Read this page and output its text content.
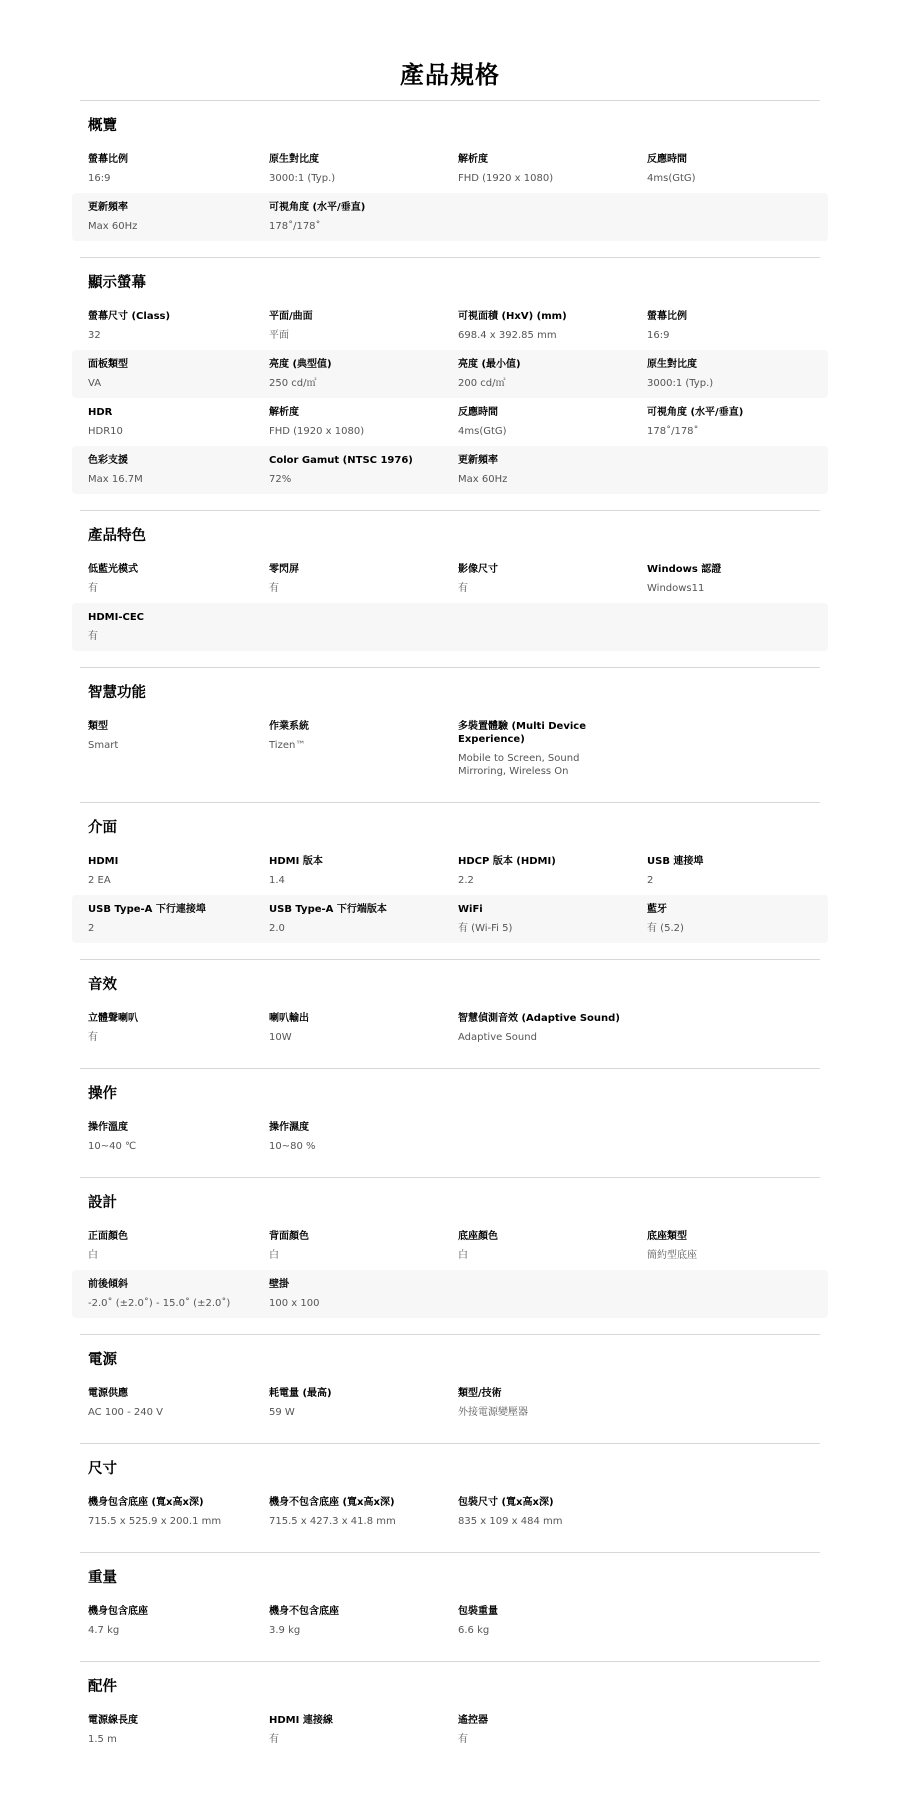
產品規格
概覽
螢幕比例
16:9
原生對比度
3000:1 (Typ.)
解析度
FHD (1920 x 1080)
反應時間
4ms(GtG)
更新頻率
Max 60Hz
可視角度 (水平/垂直)
178˚/178˚
顯示螢幕
螢幕尺寸 (Class)
32
平面/曲面
平面
可視面積 (HxV) (mm)
698.4 x 392.85 mm
螢幕比例
16:9
面板類型
VA
亮度 (典型值)
250 cd/㎡
亮度 (最小值)
200 cd/㎡
原生對比度
3000:1 (Typ.)
HDR
HDR10
解析度
FHD (1920 x 1080)
反應時間
4ms(GtG)
可視角度 (水平/垂直)
178˚/178˚
色彩支援
Max 16.7M
Color Gamut (NTSC 1976)
72%
更新頻率
Max 60Hz
產品特色
低藍光模式
有
零閃屏
有
影像尺寸
有
Windows 認證
Windows11
HDMI-CEC
有
智慧功能
類型
Smart
作業系統
Tizen™
多裝置體驗 (Multi Device Experience)
Mobile to Screen, Sound Mirroring, Wireless On
介面
HDMI
2 EA
HDMI 版本
1.4
HDCP 版本 (HDMI)
2.2
USB 連接埠
2
USB Type-A 下行連接埠
2
USB Type-A 下行端版本
2.0
WiFi
有 (Wi-Fi 5)
藍牙
有 (5.2)
音效
立體聲喇叭
有
喇叭輸出
10W
智慧偵測音效 (Adaptive Sound)
Adaptive Sound
操作
操作溫度
10~40 ℃
操作濕度
10~80 %
設計
正面顏色
白
背面顏色
白
底座顏色
白
底座類型
簡約型底座
前後傾斜
-2.0˚ (±2.0˚) - 15.0˚ (±2.0˚)
壁掛
100 x 100
電源
電源供應
AC 100 - 240 V
耗電量 (最高)
59 W
類型/技術
外接電源變壓器
尺寸
機身包含底座 (寬x高x深)
715.5 x 525.9 x 200.1 mm
機身不包含底座 (寬x高x深)
715.5 x 427.3 x 41.8 mm
包裝尺寸 (寬x高x深)
835 x 109 x 484 mm
重量
機身包含底座
4.7 kg
機身不包含底座
3.9 kg
包裝重量
6.6 kg
配件
電源線長度
1.5 m
HDMI 連接線
有
遙控器
有
